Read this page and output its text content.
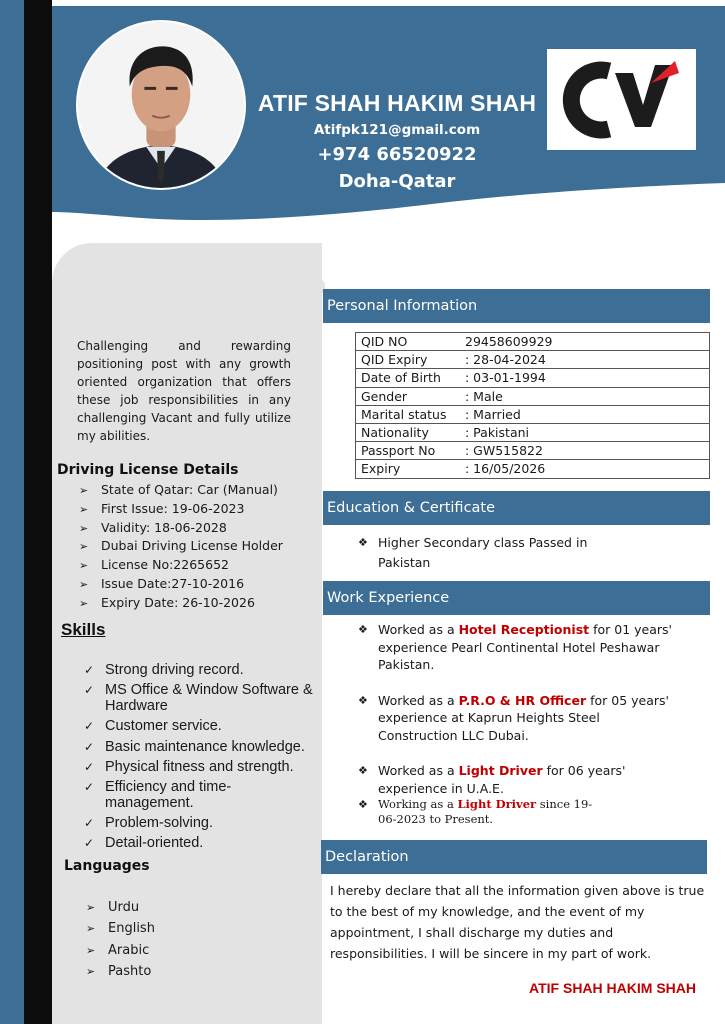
ATIF SHAH HAKIM SHAH
Atifpk121@gmail.com
+974 66520922
Doha-Qatar

Challenging and rewarding positioning post with any growth oriented organization that offers these job responsibilities in any challenging Vacant and fully utilize my abilities.

Driving License Details
➢ State of Qatar: Car (Manual)
➢ First Issue: 19-06-2023
➢ Validity: 18-06-2028
➢ Dubai Driving License Holder
➢ License No:2265652
➢ Issue Date:27-10-2016
➢ Expiry Date: 26-10-2026
Skills
✓ Strong driving record.
✓ MS Office & Window Software & Hardware
✓ Customer service.
✓ Basic maintenance knowledge.
✓ Physical fitness and strength.
✓ Efficiency and time-management.
✓ Problem-solving.
✓ Detail-oriented.
Languages
➢ Urdu
➢ English
➢ Arabic
➢ Pashto
Personal Information
QID NO	29458609929
QID Expiry	: 28-04-2024
Date of Birth : 03-01-1994
Gender	: Male
Marital status : Married
Nationality	: Pakistani
Passport No : GW515822
Expiry	: 16/05/2026
Education & Certificate
❖ Higher Secondary class Passed in Pakistan
Work Experience
❖ Worked as a Hotel Receptionist for 01 years' experience Pearl Continental Hotel Peshawar Pakistan.
❖ Worked as a P.R.O & HR Officer for 05 years' experience at Kaprun Heights Steel Construction LLC Dubai.
❖ Worked as a Light Driver for 06 years' experience in U.A.E.
❖ Working as a Light Driver since 19-06-2023 to Present.
Declaration

I hereby declare that all the information given above is true to the best of my knowledge, and the event of my appointment, I shall discharge my duties and responsibilities. I will be sincere in my part of work.

ATIF SHAH HAKIM SHAH
